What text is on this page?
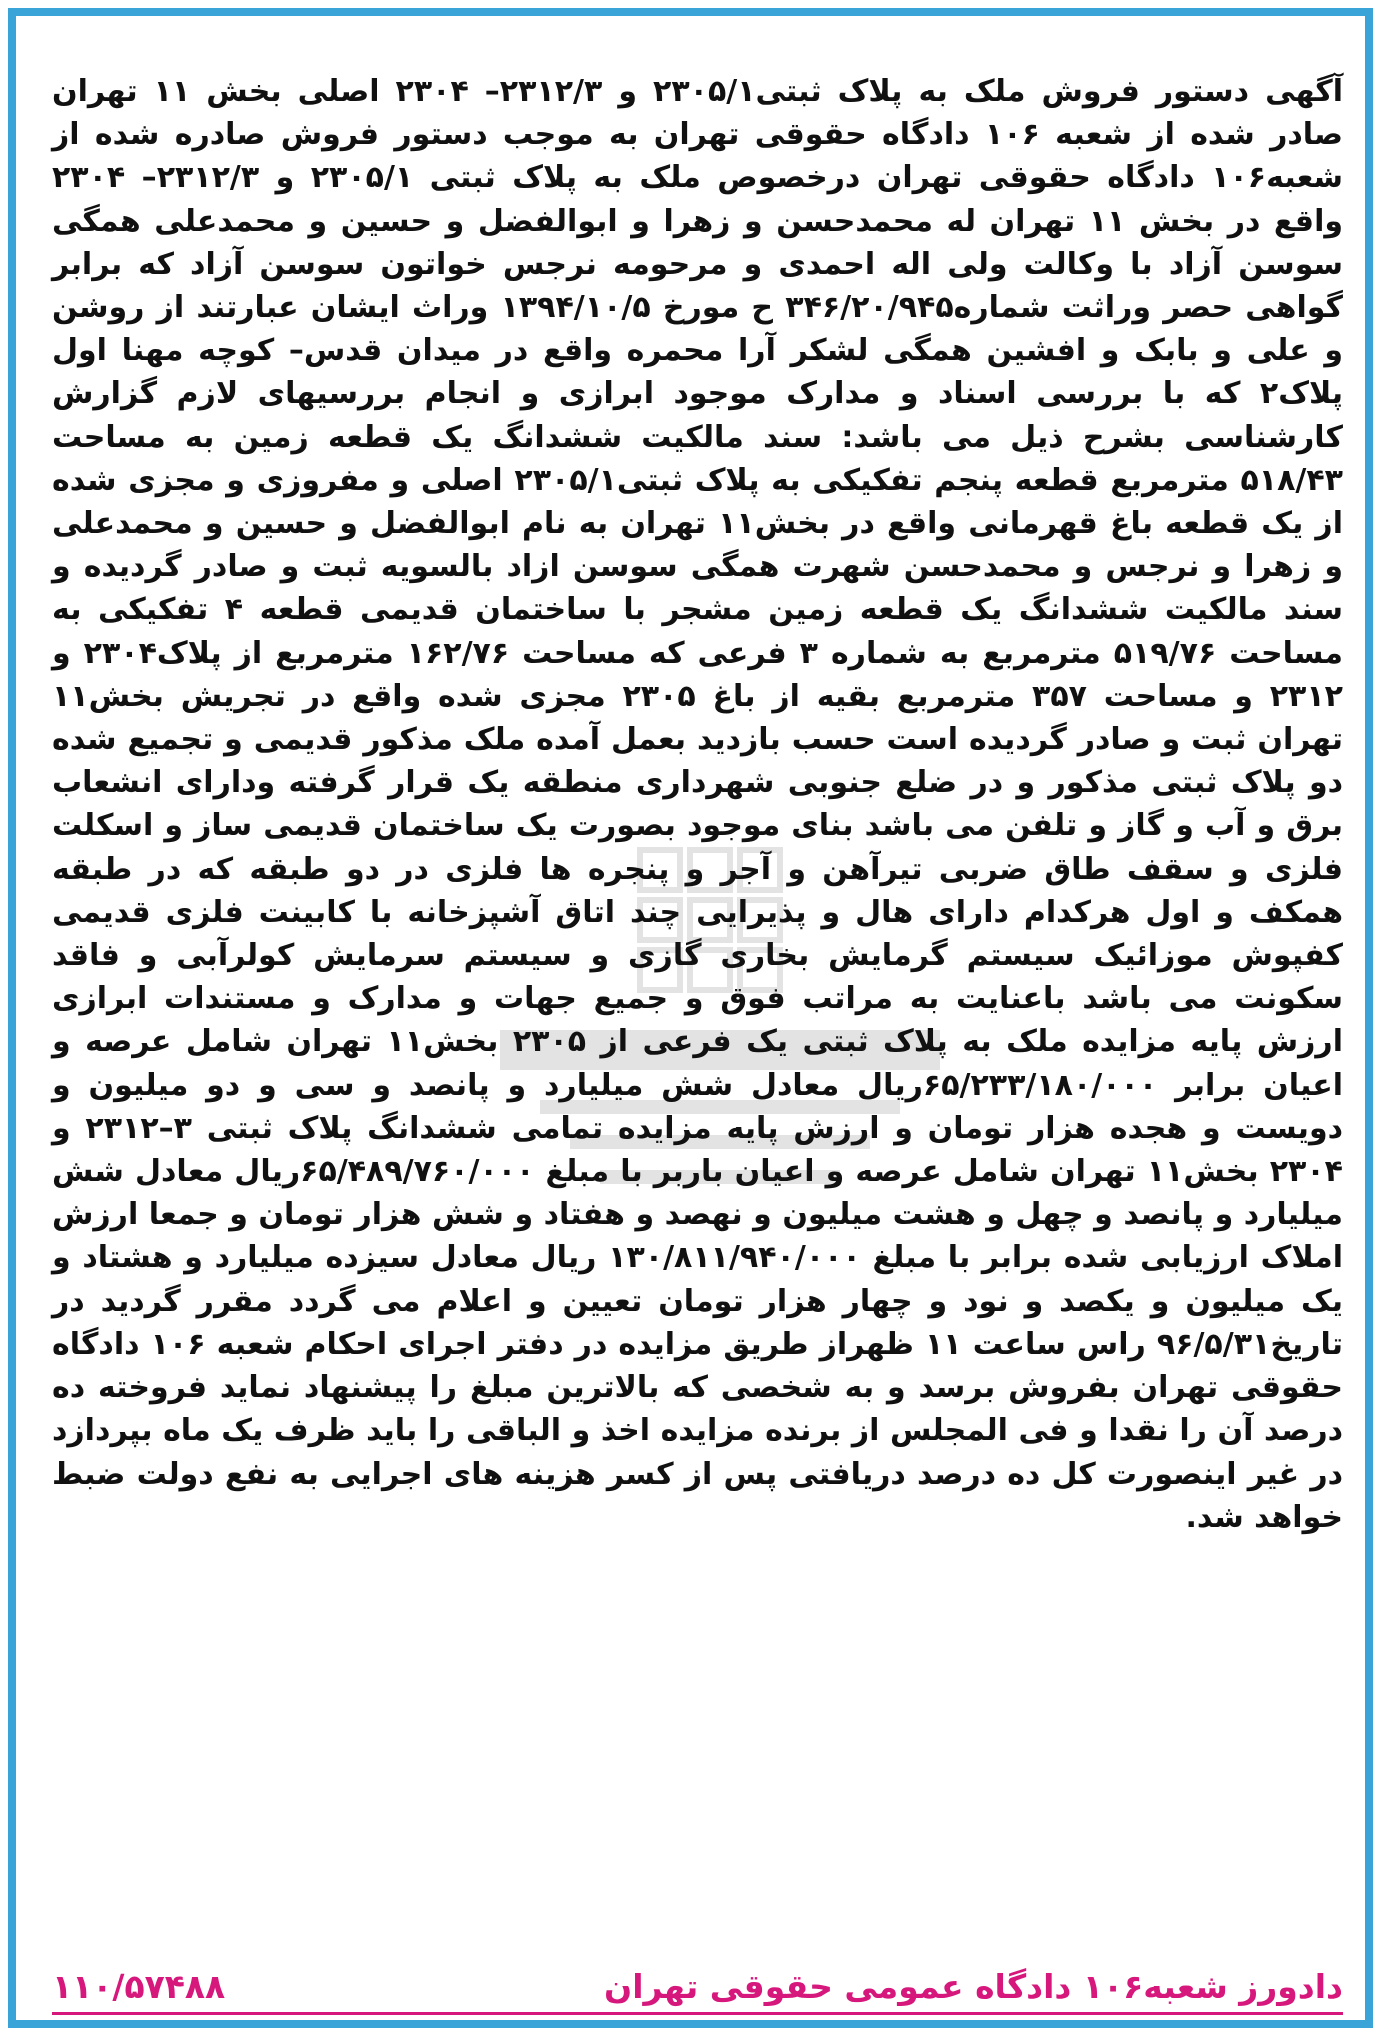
آگهی دستور فروش ملک به پلاک ثبتی۲۳۰۵/۱ و ۲۳۱۲/۳– ۲۳۰۴ اصلی بخش ۱۱ تهران صادر شده از شعبه ۱۰۶ دادگاه حقوقی تهران به موجب دستور فروش صادره شده از شعبه۱۰۶ دادگاه حقوقی تهران درخصوص ملک به پلاک ثبتی ۲۳۰۵/۱ و ۲۳۱۲/۳– ۲۳۰۴ واقع در بخش ۱۱ تهران له محمدحسن و زهرا و ابوالفضل و حسین و محمدعلی همگی سوسن آزاد با وکالت ولی اله احمدی و مرحومه نرجس خواتون سوسن آزاد که برابر گواهی حصر وراثت شماره۳۴۶/۲۰/۹۴۵ ح مورخ ۱۳۹۴/۱۰/۵ وراث ایشان عبارتند از روشن و علی و بابک و افشین همگی لشکر آرا محمره واقع در میدان قدس– کوچه مهنا اول پلاک۲ که با بررسی اسناد و مدارک موجود ابرازی و انجام بررسیهای لازم گزارش کارشناسی بشرح ذیل می باشد: سند مالکیت ششدانگ یک قطعه زمین به مساحت ۵۱۸/۴۳ مترمربع قطعه پنجم تفکیکی به پلاک ثبتی۲۳۰۵/۱ اصلی و مفروزی و مجزی شده از یک قطعه باغ قهرمانی واقع در بخش۱۱ تهران به نام ابوالفضل و حسین و محمدعلی و زهرا و نرجس و محمدحسن شهرت همگی سوسن ازاد بالسویه ثبت و صادر گردیده و سند مالکیت ششدانگ یک قطعه زمین مشجر با ساختمان قدیمی قطعه ۴ تفکیکی به مساحت ۵۱۹/۷۶ مترمربع به شماره ۳ فرعی که مساحت ۱۶۲/۷۶ مترمربع از پلاک۲۳۰۴ و ۲۳۱۲ و مساحت ۳۵۷ مترمربع بقیه از باغ ۲۳۰۵ مجزی شده واقع در تجریش بخش۱۱ تهران ثبت و صادر گردیده است حسب بازدید بعمل آمده ملک مذکور قدیمی و تجمیع شده دو پلاک ثبتی مذکور و در ضلع جنوبی شهرداری منطقه یک قرار گرفته ودارای انشعاب برق و آب و گاز و تلفن می باشد بنای موجود بصورت یک ساختمان قدیمی ساز و اسکلت فلزی و سقف طاق ضربی تیرآهن و آجر و پنجره ها فلزی در دو طبقه که در طبقه همکف و اول هرکدام دارای هال و پذیرایی چند اتاق آشپزخانه با کابینت فلزی قدیمی کفپوش موزائیک سیستم گرمایش بخاری گازی و سیستم سرمایش کولرآبی و فاقد سکونت می باشد باعنایت به مراتب فوق و جمیع جهات و مدارک و مستندات ابرازی ارزش پایه مزایده ملک به پلاک ثبتی یک فرعی از ۲۳۰۵ بخش۱۱ تهران شامل عرصه و اعیان برابر ۶۵/۲۳۳/۱۸۰/۰۰۰ریال معادل شش میلیارد و پانصد و سی و دو میلیون و دویست و هجده هزار تومان و ارزش پایه مزایده تمامی ششدانگ پلاک ثبتی ۳–۲۳۱۲ و ۲۳۰۴ بخش۱۱ تهران شامل عرصه و اعیان باربر با مبلغ ۶۵/۴۸۹/۷۶۰/۰۰۰ریال معادل شش میلیارد و پانصد و چهل و هشت میلیون و نهصد و هفتاد و شش هزار تومان و جمعا ارزش املاک ارزیابی شده برابر با مبلغ ۱۳۰/۸۱۱/۹۴۰/۰۰۰ ریال معادل سیزده میلیارد و هشتاد و یک میلیون و یکصد و نود و چهار هزار تومان تعیین و اعلام می گردد مقرر گردید در تاریخ۹۶/۵/۳۱ راس ساعت ۱۱ ظهراز طریق مزایده در دفتر اجرای احکام شعبه ۱۰۶ دادگاه حقوقی تهران بفروش برسد و به شخصی که بالاترین مبلغ را پیشنهاد نماید فروخته ده درصد آن را نقدا و فی المجلس از برنده مزایده اخذ و الباقی را باید ظرف یک ماه بپردازد در غیر اینصورت کل ده درصد دریافتی پس از کسر هزینه های اجرایی به نفع دولت ضبط خواهد شد.

دادورز شعبه۱۰۶ دادگاه عمومی حقوقی تهران
۱۱۰/۵۷۴۸۸
